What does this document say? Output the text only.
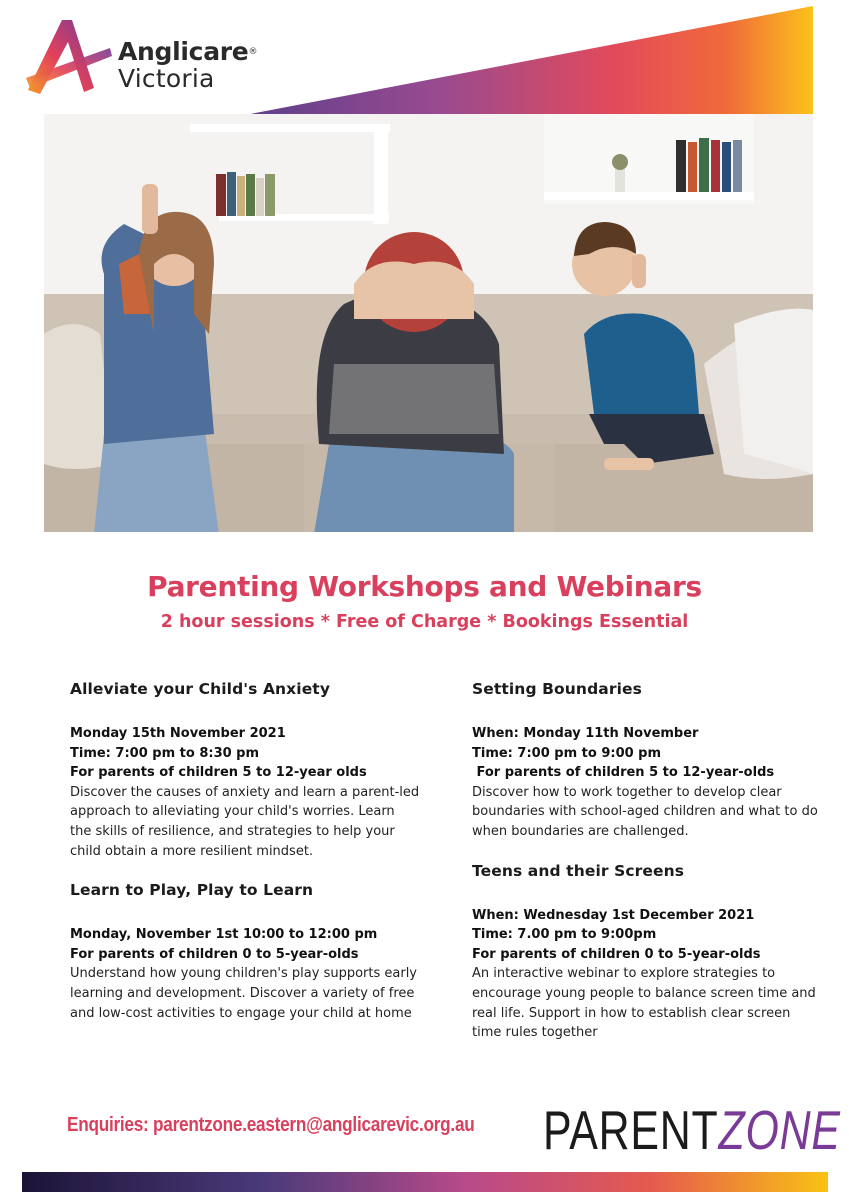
Anglicare®
Victoria
Parenting Workshops and Webinars
2 hour sessions * Free of Charge * Bookings Essential
Alleviate your Child's Anxiety
Monday 15th November 2021
Time: 7:00 pm to 8:30 pm
For parents of children 5 to 12-year olds
Discover the causes of anxiety and learn a parent-led approach to alleviating your child's worries. Learn the skills of resilience, and strategies to help your child obtain a more resilient mindset.
Learn to Play, Play to Learn
Monday, November 1st 10:00 to 12:00 pm
For parents of children 0 to 5-year-olds
Understand how young children's play supports early learning and development. Discover a variety of free and low-cost activities to engage your child at home
Setting Boundaries
When: Monday 11th November
Time: 7:00 pm to 9:00 pm
For parents of children 5 to 12-year-olds
Discover how to work together to develop clear boundaries with school-aged children and what to do when boundaries are challenged.
Teens and their Screens
When: Wednesday 1st December 2021
Time: 7.00 pm to 9:00pm
For parents of children 0 to 5-year-olds
An interactive webinar to explore strategies to encourage young people to balance screen time and real life. Support in how to establish clear screen time rules together
Enquiries: parentzone.eastern@anglicarevic.org.au PARENTZONE
